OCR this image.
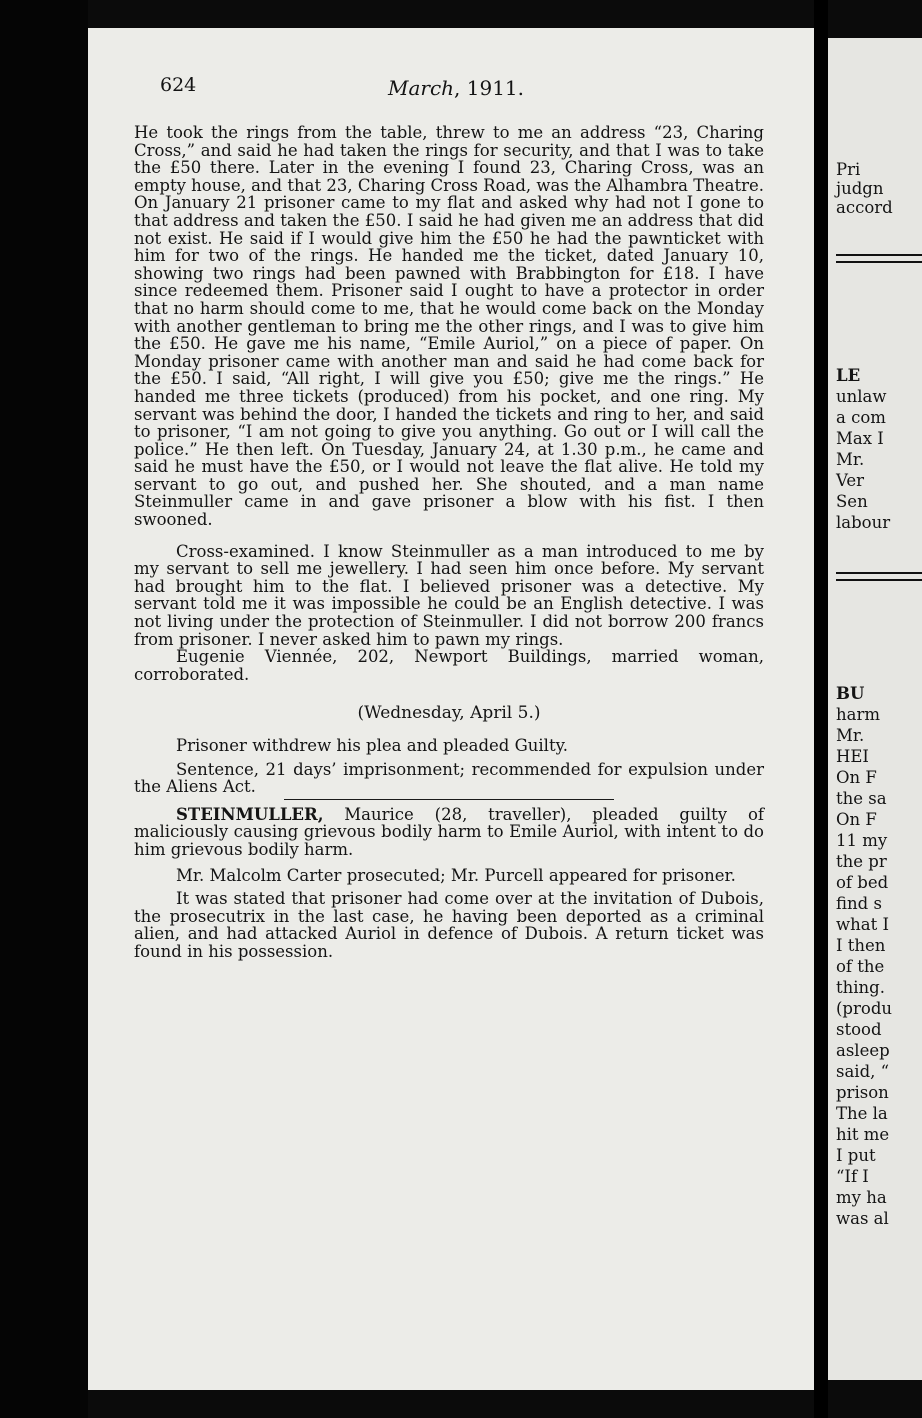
624	March, 1911.

He took the rings from the table, threw to me an address “23, Charing Cross,” and said he had taken the rings for security, and that I was to take the £50 there. Later in the evening I found 23, Charing Cross, was an empty house, and that 23, Charing Cross Road, was the Alhambra Theatre. On January 21 prisoner came to my flat and asked why had not I gone to that address and taken the £50. I said he had given me an address that did not exist. He said if I would give him the £50 he had the pawnticket with him for two of the rings. He handed me the ticket, dated January 10, showing two rings had been pawned with Brabbington for £18. I have since redeemed them. Prisoner said I ought to have a protector in order that no harm should come to me, that he would come back on the Monday with another gentleman to bring me the other rings, and I was to give him the £50. He gave me his name, “Emile Auriol,” on a piece of paper. On Monday prisoner came with another man and said he had come back for the £50. I said, “All right, I will give you £50; give me the rings.” He handed me three tickets (produced) from his pocket, and one ring. My servant was behind the door, I handed the tickets and ring to her, and said to prisoner, “I am not going to give you anything. Go out or I will call the police.” He then left. On Tuesday, January 24, at 1.30 p.m., he came and said he must have the £50, or I would not leave the flat alive. He told my servant to go out, and pushed her. She shouted, and a man name Steinmuller came in and gave prisoner a blow with his fist. I then swooned.

Cross-examined. I know Steinmuller as a man introduced to me by my servant to sell me jewellery. I had seen him once before. My servant had brought him to the flat. I believed prisoner was a detective. My servant told me it was impossible he could be an English detective. I was not living under the protection of Steinmuller. I did not borrow 200 francs from prisoner. I never asked him to pawn my rings.

Eugenie Viennée, 202, Newport Buildings, married woman, corroborated.

(Wednesday, April 5.)

Prisoner withdrew his plea and pleaded Guilty.

Sentence, 21 days’ imprisonment; recommended for expulsion under the Aliens Act.

STEINMULLER, Maurice (28, traveller), pleaded guilty of maliciously causing grievous bodily harm to Emile Auriol, with intent to do him grievous bodily harm.

Mr. Malcolm Carter prosecuted; Mr. Purcell appeared for prisoner.

It was stated that prisoner had come over at the invitation of Dubois, the prosecutrix in the last case, he having been deported as a criminal alien, and had attacked Auriol in defence of Dubois. A return ticket was found in his possession.

Pri
judgn
accord
LE
unlaw
a com
Max I
Mr.
Ver
Sen
labour
BU
harm
Mr.
HEI
On F
the sa
On F
11 my
the pr
of bed
find s
what I
I then
of the
thing.
(produ
stood
asleep
said, “
prison
The la
hit me
I put
“If I
my ha
was al
